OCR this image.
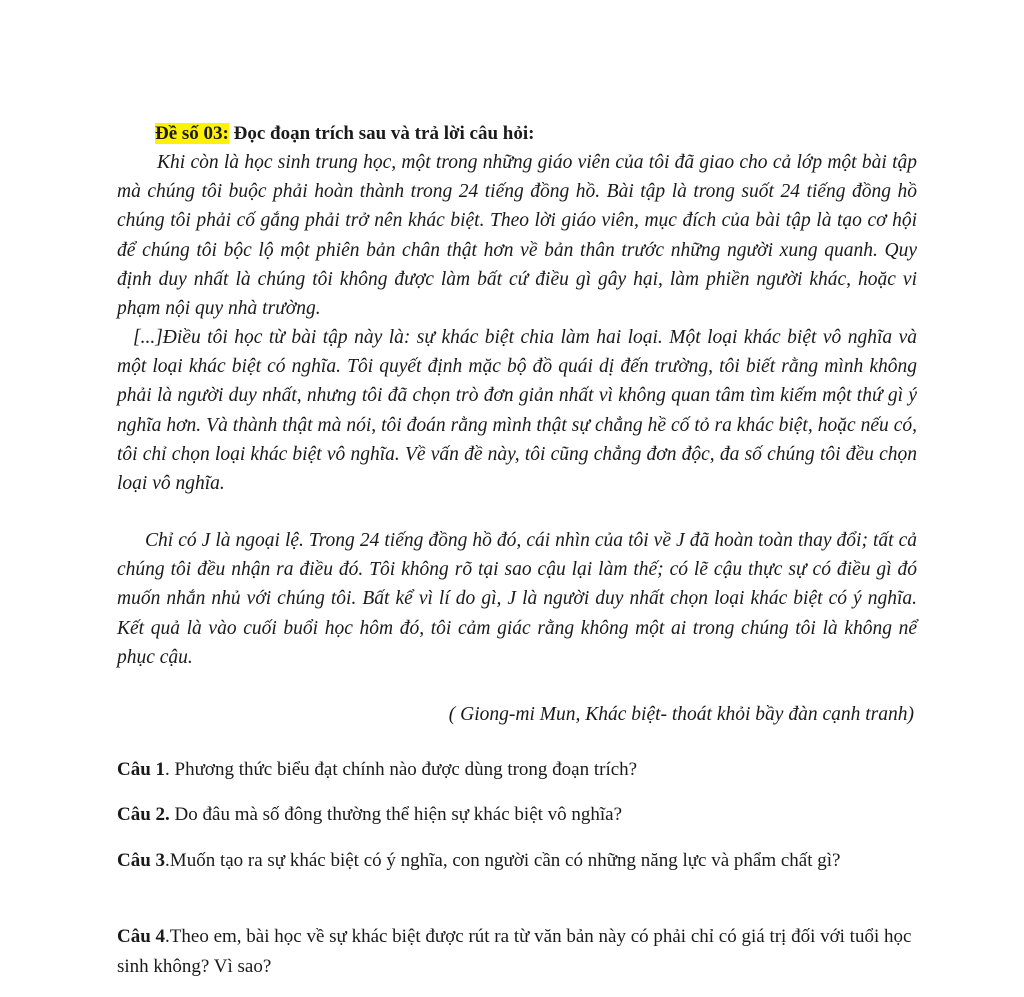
Đề số 03: Đọc đoạn trích sau và trả lời câu hỏi:

Khi còn là học sinh trung học, một trong những giáo viên của tôi đã giao cho cả lớp một bài tập mà chúng tôi buộc phải hoàn thành trong 24 tiếng đồng hồ. Bài tập là trong suốt 24 tiếng đồng hồ chúng tôi phải cố gắng phải trở nên khác biệt. Theo lời giáo viên, mục đích của bài tập là tạo cơ hội để chúng tôi bộc lộ một phiên bản chân thật hơn về bản thân trước những người xung quanh. Quy định duy nhất là chúng tôi không được làm bất cứ điều gì gây hại, làm phiền người khác, hoặc vi phạm nội quy nhà trường.

[...]Điều tôi học từ bài tập này là: sự khác biệt chia làm hai loại. Một loại khác biệt vô nghĩa và một loại khác biệt có nghĩa. Tôi quyết định mặc bộ đồ quái dị đến trường, tôi biết rằng mình không phải là người duy nhất, nhưng tôi đã chọn trò đơn giản nhất vì không quan tâm tìm kiếm một thứ gì ý nghĩa hơn. Và thành thật mà nói, tôi đoán rằng mình thật sự chẳng hề cố tỏ ra khác biệt, hoặc nếu có, tôi chỉ chọn loại khác biệt vô nghĩa. Về vấn đề này, tôi cũng chẳng đơn độc, đa số chúng tôi đều chọn loại vô nghĩa.

Chỉ có J là ngoại lệ. Trong 24 tiếng đồng hồ đó, cái nhìn của tôi về J đã hoàn toàn thay đổi; tất cả chúng tôi đều nhận ra điều đó. Tôi không rõ tại sao cậu lại làm thế; có lẽ cậu thực sự có điều gì đó muốn nhắn nhủ với chúng tôi. Bất kể vì lí do gì, J là người duy nhất chọn loại khác biệt có ý nghĩa. Kết quả là vào cuối buổi học hôm đó, tôi cảm giác rằng không một ai trong chúng tôi là không nể phục cậu.

( Giong-mi Mun, Khác biệt- thoát khỏi bầy đàn cạnh tranh)

Câu 1. Phương thức biểu đạt chính nào được dùng trong đoạn trích?

Câu 2. Do đâu mà số đông thường thể hiện sự khác biệt vô nghĩa?

Câu 3.Muốn tạo ra sự khác biệt có ý nghĩa, con người cần có những năng lực và phẩm chất gì?

Câu 4.Theo em, bài học về sự khác biệt được rút ra từ văn bản này có phải chỉ có giá trị đối với tuổi học sinh không? Vì sao?
